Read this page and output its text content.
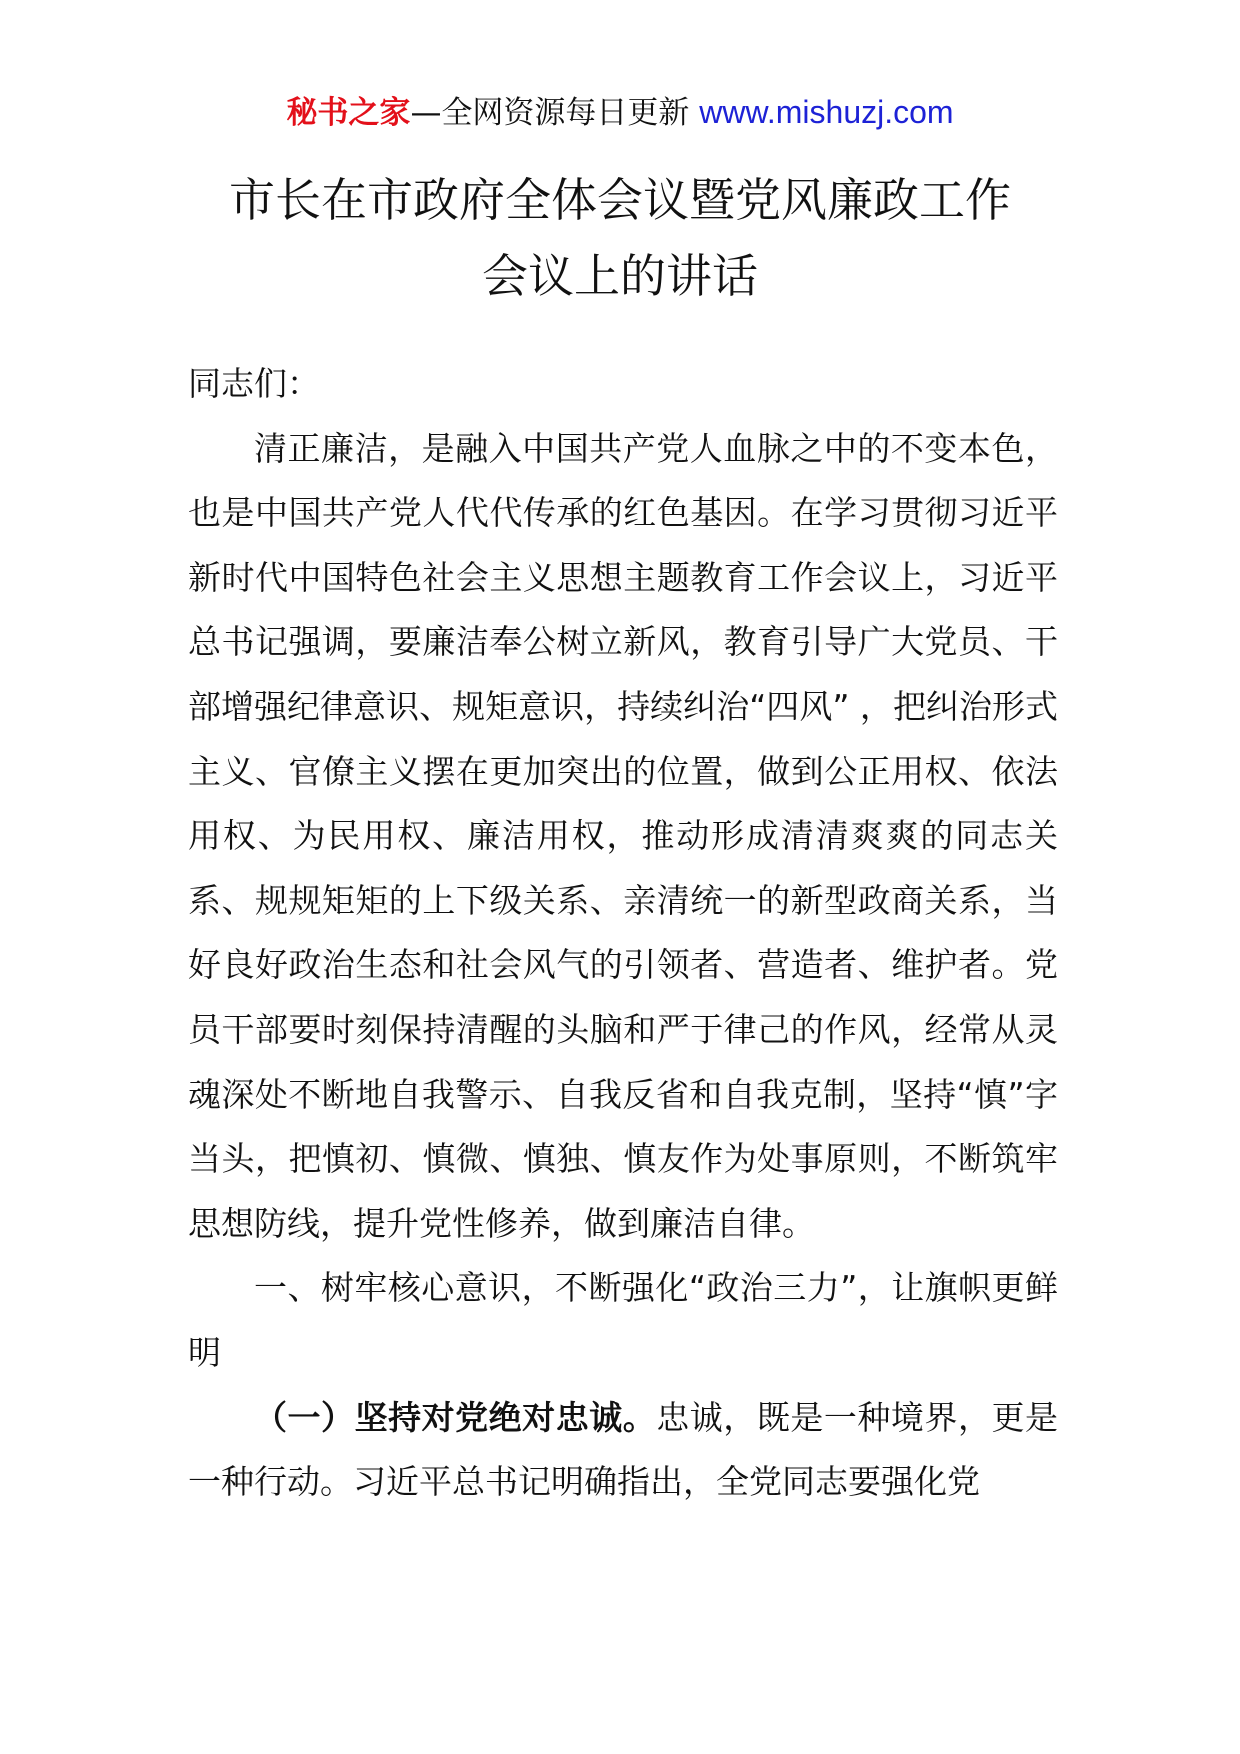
秘书之家—全网资源每日更新 www.mishuzj.com
市长在市政府全体会议暨党风廉政工作
会议上的讲话

同志们：

清正廉洁，是融入中国共产党人血脉之中的不变本色，也是中国共产党人代代传承的红色基因。在学习贯彻习近平新时代中国特色社会主义思想主题教育工作会议上，习近平总书记强调，要廉洁奉公树立新风，教育引导广大党员、干部增强纪律意识、规矩意识，持续纠治“四风” ，把纠治形式主义、官僚主义摆在更加突出的位置，做到公正用权、依法用权、为民用权、廉洁用权，推动形成清清爽爽的同志关系、规规矩矩的上下级关系、亲清统一的新型政商关系，当好良好政治生态和社会风气的引领者、营造者、维护者。党员干部要时刻保持清醒的头脑和严于律己的作风，经常从灵魂深处不断地自我警示、自我反省和自我克制，坚持“慎”字当头，把慎初、慎微、慎独、慎友作为处事原则，不断筑牢思想防线，提升党性修养，做到廉洁自律。

一、树牢核心意识，不断强化“政治三力”，让旗帜更鲜明

（一）坚持对党绝对忠诚。忠诚，既是一种境界，更是一种行动。习近平总书记明确指出，全党同志要强化党
